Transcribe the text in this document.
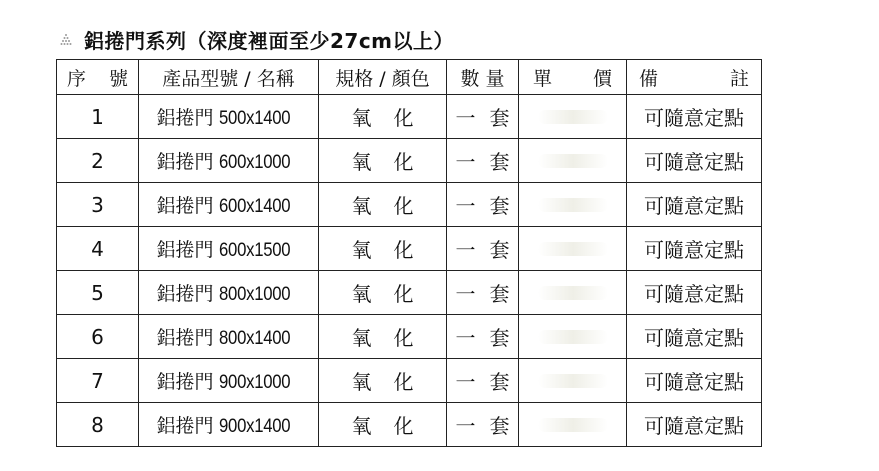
鋁捲門系列（深度裡面至少27cm以上）
序 號	產品型號 / 名稱	規格 / 顏色	數 量	單 價	備 註

1	鋁捲門 500x1400	氧 化	一 套		可隨意定點
2	鋁捲門 600x1000	氧 化	一 套		可隨意定點
3	鋁捲門 600x1400	氧 化	一 套		可隨意定點
4	鋁捲門 600x1500	氧 化	一 套		可隨意定點
5	鋁捲門 800x1000	氧 化	一 套		可隨意定點
6	鋁捲門 800x1400	氧 化	一 套		可隨意定點
7	鋁捲門 900x1000	氧 化	一 套		可隨意定點
8	鋁捲門 900x1400	氧 化	一 套		可隨意定點
